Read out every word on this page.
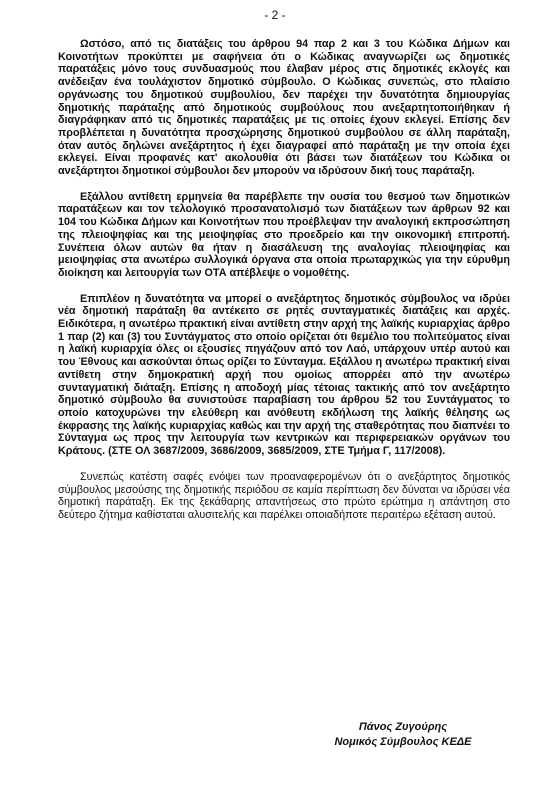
- 2 -

Ωστόσο, από τις διατάξεις του άρθρου 94 παρ 2 και 3 του Κώδικα Δήμων και Κοινοτήτων προκύπτει με σαφήνεια ότι ο Κώδικας αναγνωρίζει ως δημοτικές παρατάξεις μόνο τους συνδυασμούς που έλαβαν μέρος στις δημοτικές εκλογές και ανέδειξαν ένα τουλάχιστον δημοτικό σύμβουλο. Ο Κώδικας συνεπώς, στο πλαίσιο οργάνωσης του δημοτικού συμβουλίου, δεν παρέχει την δυνατότητα δημιουργίας δημοτικής παράταξης από δημοτικούς συμβούλους που ανεξαρτητοποιήθηκαν ή διαγράφηκαν από τις δημοτικές παρατάξεις με τις οποίες έχουν εκλεγεί. Επίσης δεν προβλέπεται η δυνατότητα προσχώρησης δημοτικού συμβούλου σε άλλη παράταξη, όταν αυτός δηλώνει ανεξάρτητος ή έχει διαγραφεί από παράταξη με την οποία έχει εκλεγεί. Είναι προφανές κατ' ακολουθία ότι βάσει των διατάξεων του Κώδικα οι ανεξάρτητοι δημοτικοί σύμβουλοι δεν μπορούν να ιδρύσουν δική τους παράταξη.

Εξάλλου αντίθετη ερμηνεία θα παρέβλεπε την ουσία του θεσμού των δημοτικών παρατάξεων και τον τελολογικό προσανατολισμό των διατάξεων των άρθρων 92 και 104 του Κώδικα Δήμων και Κοινοτήτων που προέβλεψαν την αναλογική εκπροσώπηση της πλειοψηφίας και της μειοψηφίας στο προεδρείο και την οικονομική επιτροπή. Συνέπεια όλων αυτών θα ήταν η διασάλευση της αναλογίας πλειοψηφίας και μειοψηφίας στα ανωτέρω συλλογικά όργανα στα οποία πρωταρχικώς για την εύρυθμη διοίκηση και λειτουργία των ΟΤΑ απέβλεψε ο νομοθέτης.

Επιπλέον η δυνατότητα να μπορεί ο ανεξάρτητος δημοτικός σύμβουλος να ιδρύει νέα δημοτική παράταξη θα αντέκειτο σε ρητές συνταγματικές διατάξεις και αρχές. Ειδικότερα, η ανωτέρω πρακτική είναι αντίθετη στην αρχή της λαϊκής κυριαρχίας άρθρο 1 παρ (2) και (3) του Συντάγματος στο οποίο ορίζεται ότι θεμέλιο του πολιτεύματος είναι η λαϊκή κυριαρχία όλες οι εξουσίες πηγάζουν από τον Λαό, υπάρχουν υπέρ αυτού και του Έθνους και ασκούνται όπως ορίζει το Σύνταγμα. Εξάλλου η ανωτέρω πρακτική είναι αντίθετη στην δημοκρατική αρχή που ομοίως απορρέει από την ανωτέρω συνταγματική διάταξη. Επίσης η αποδοχή μίας τέτοιας τακτικής από τον ανεξάρτητο δημοτικό σύμβουλο θα συνιστούσε παραβίαση του άρθρου 52 του Συντάγματος το οποίο κατοχυρώνει την ελεύθερη και ανόθευτη εκδήλωση της λαϊκής θέλησης ως έκφρασης της λαϊκής κυριαρχίας καθώς και την αρχή της σταθερότητας που διαπνέει το Σύνταγμα ως προς την λειτουργία των κεντρικών και περιφερειακών οργάνων του Κράτους. (ΣΤΕ ΟΛ 3687/2009, 3686/2009, 3685/2009, ΣΤΕ Τμήμα Γ, 117/2008).

Συνεπώς κατέστη σαφές ενόψει των προαναφερομένων ότι ο ανεξάρτητος δημοτικός σύμβουλος μεσούσης της δημοτικής περιόδου σε καμία περίπτωση δεν δύναται να ιδρύσει νέα δημοτική παράταξη. Εκ της ξεκάθαρης απαντήσεως στο πρώτο ερώτημα η απάντηση στο δεύτερο ζήτημα καθίσταται αλυσιτελής και παρέλκει οποιαδήποτε περαιτέρω εξέταση αυτού.

Πάνος Ζυγούρης
Νομικός Σύμβουλος ΚΕΔΕ
